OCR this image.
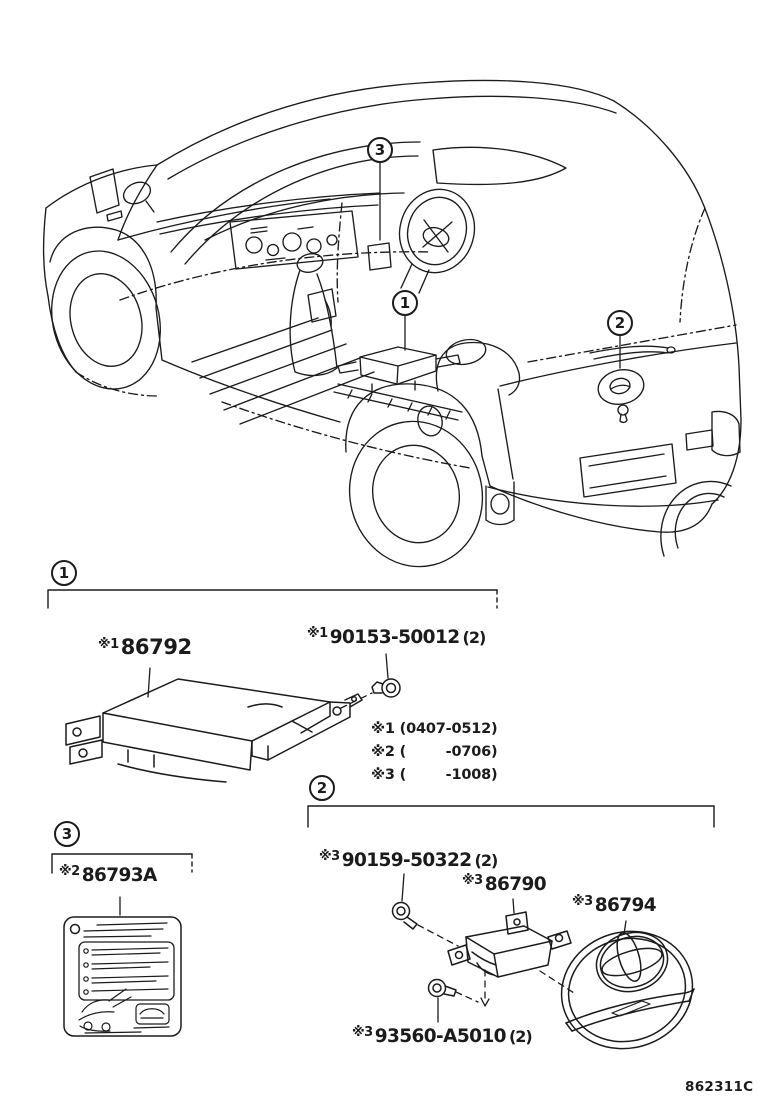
3
1
2
1
2
3
$^{※1}$86792
$^{※1}$ 90153-50012 (2)
※1 (0407-0512)
※2 (    -0706)
※3 (    -1008)
$^{※3}$ 90159-50322 (2)
$^{※3}$ 86790
$^{※3}$ 86794
$^{※3}$ 93560-A5010 (2)
$^{※2}$ 86793A
862311C
